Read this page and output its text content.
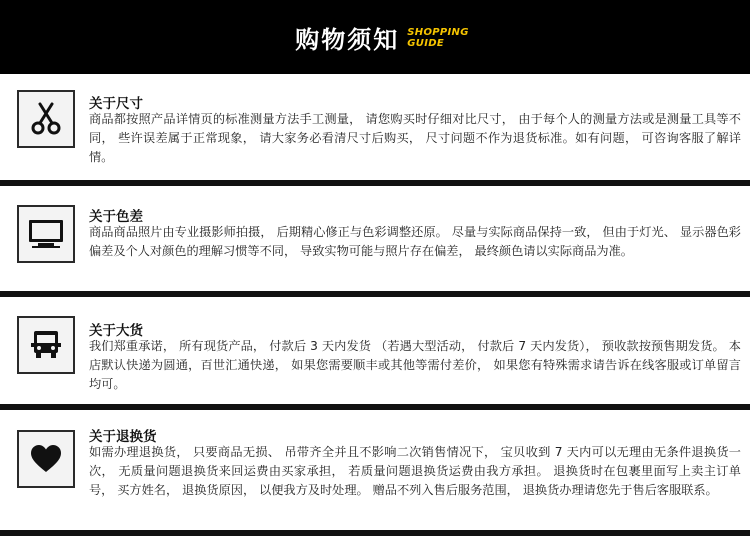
购物须知 SHOPPING
GUIDE
关于尺寸
商品都按照产品详情页的标准测量方法手工测量， 请您购买时仔细对比尺寸， 由于每个人的测量方法或是测量工具等不同， 些许误差属于正常现象， 请大家务必看清尺寸后购买， 尺寸问题不作为退货标准。如有问题， 可咨询客服了解详情。
关于色差
商品商品照片由专业摄影师拍摄， 后期精心修正与色彩调整还原。 尽量与实际商品保持一致， 但由于灯光、 显示器色彩偏差及个人对颜色的理解习惯等不同， 导致实物可能与照片存在偏差， 最终颜色请以实际商品为准。
关于大货
我们郑重承诺， 所有现货产品， 付款后 3 天内发货 （若遇大型活动， 付款后 7 天内发货）， 预收款按预售期发货。 本店默认快递为圆通，百世汇通快递， 如果您需要顺丰或其他等需付差价， 如果您有特殊需求请告诉在线客服或订单留言均可。
关于退换货
如需办理退换货， 只要商品无损、 吊带齐全并且不影响二次销售情况下， 宝贝收到 7 天内可以无理由无条件退换货一次， 无质量问题退换货来回运费由买家承担， 若质量问题退换货运费由我方承担。 退换货时在包裹里面写上卖主订单号， 买方姓名， 退换货原因， 以便我方及时处理。 赠品不列入售后服务范围， 退换货办理请您先于售后客服联系。
